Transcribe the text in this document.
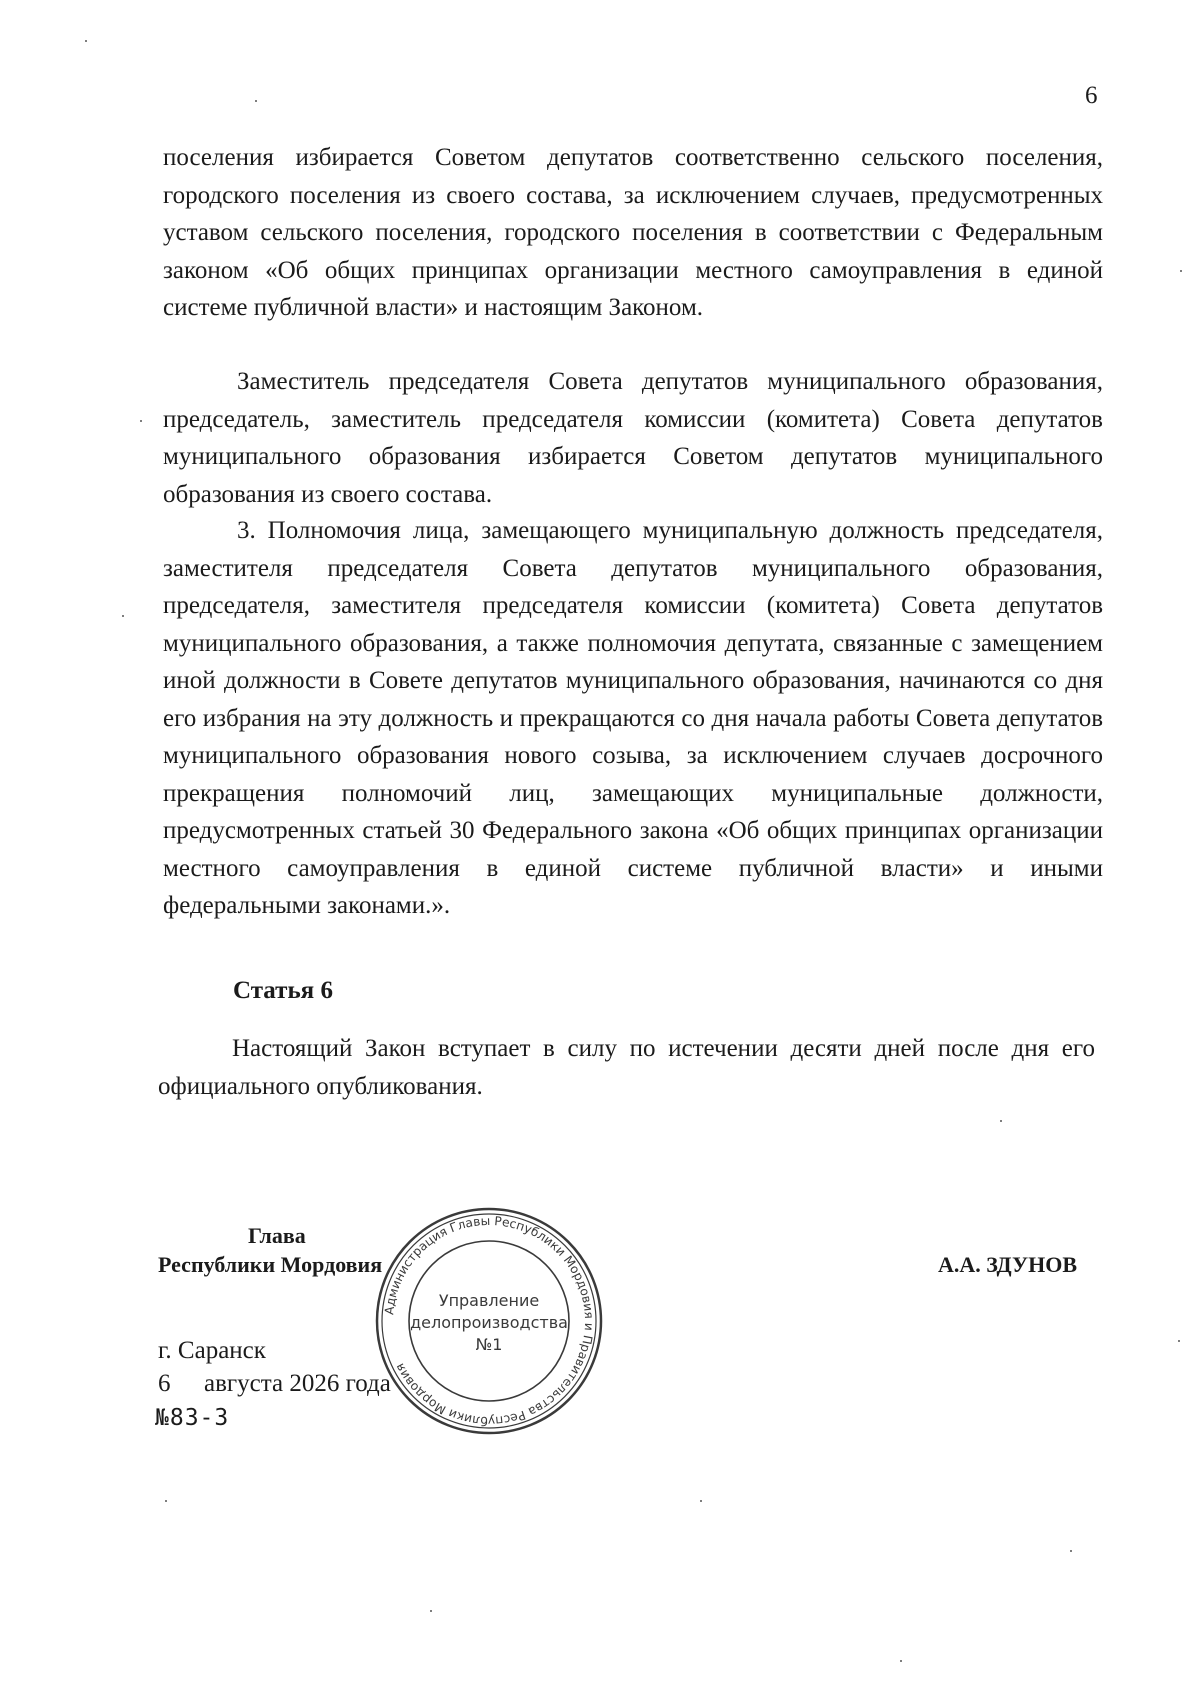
6

поселения избирается Советом депутатов соответственно сельского поселения, городского поселения из своего состава, за исключением случаев, предусмотренных уставом сельского поселения, городского поселения в соответствии с Федеральным законом «Об общих принципах организации местного самоуправления в единой системе публичной власти» и настоящим Законом.

Заместитель председателя Совета депутатов муниципального образования, председатель, заместитель председателя комиссии (комитета) Совета депутатов муниципального образования избирается Советом депутатов муниципального образования из своего состава.

3. Полномочия лица, замещающего муниципальную должность председателя, заместителя председателя Совета депутатов муниципального образования, председателя, заместителя председателя комиссии (комитета) Совета депутатов муниципального образования, а также полномочия депутата, связанные с замещением иной должности в Совете депутатов муниципального образования, начинаются со дня его избрания на эту должность и прекращаются со дня начала работы Совета депутатов муниципального образования нового созыва, за исключением случаев досрочного прекращения полномочий лиц, замещающих муниципальные должности, предусмотренных статьей 30 Федерального закона «Об общих принципах организации местного самоуправления в единой системе публичной власти» и иными федеральными законами.».

Статья 6

Настоящий Закон вступает в силу по истечении десяти дней после дня его официального опубликования.

Глава
Республики Мордовия	А.А. ЗДУНОВ
г. Саранск
6 августа 2026 года
№83-З
Администрация Главы Республики Мордовия и Правительства Республики Мордовия
Управление
делопроизводства
№1
